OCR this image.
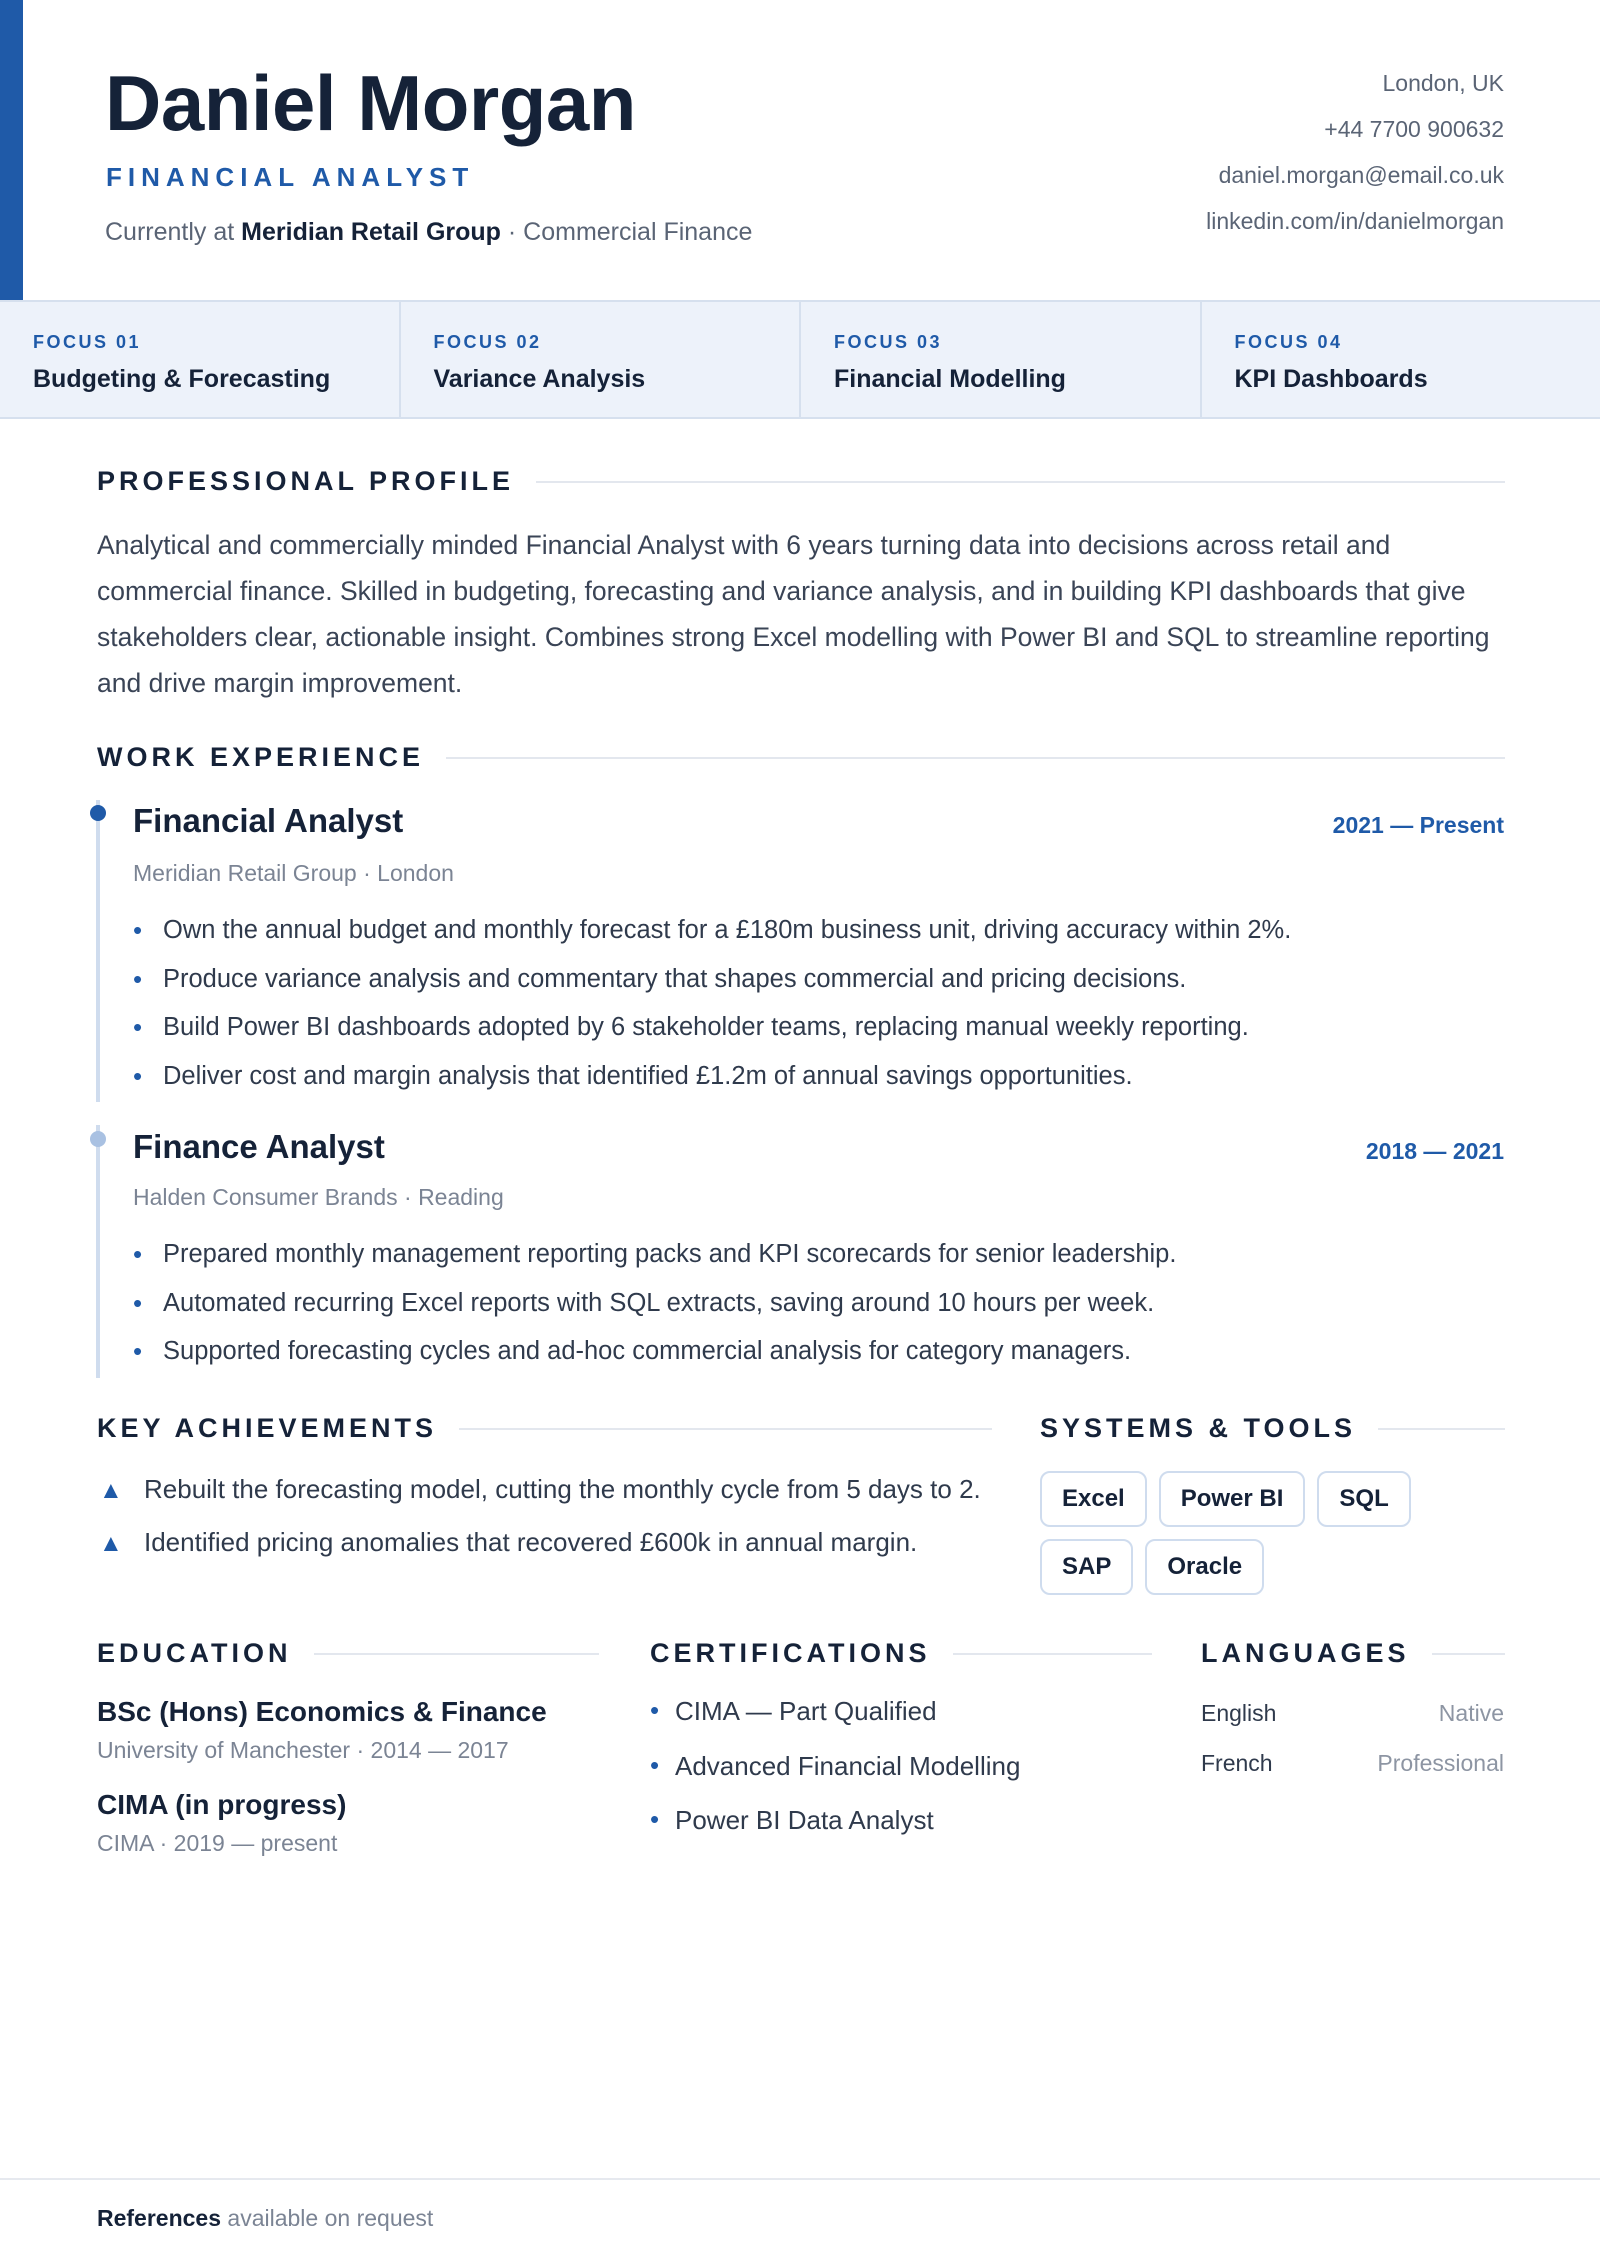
Daniel Morgan
FINANCIAL ANALYST
Currently at Meridian Retail Group · Commercial Finance
London, UK
+44 7700 900632
daniel.morgan@email.co.uk
linkedin.com/in/danielmorgan
FOCUS 01
Budgeting & Forecasting
FOCUS 02
Variance Analysis
FOCUS 03
Financial Modelling
FOCUS 04
KPI Dashboards
PROFESSIONAL PROFILE
Analytical and commercially minded Financial Analyst with 6 years turning data into decisions across retail and commercial finance. Skilled in budgeting, forecasting and variance analysis, and in building KPI dashboards that give stakeholders clear, actionable insight. Combines strong Excel modelling with Power BI and SQL to streamline reporting and drive margin improvement.
WORK EXPERIENCE
Financial Analyst	2021 — Present
Meridian Retail Group · London
• Own the annual budget and monthly forecast for a £180m business unit, driving accuracy within 2%.
• Produce variance analysis and commentary that shapes commercial and pricing decisions.
• Build Power BI dashboards adopted by 6 stakeholder teams, replacing manual weekly reporting.
• Deliver cost and margin analysis that identified £1.2m of annual savings opportunities.
Finance Analyst	2018 — 2021
Halden Consumer Brands · Reading
• Prepared monthly management reporting packs and KPI scorecards for senior leadership.
• Automated recurring Excel reports with SQL extracts, saving around 10 hours per week.
• Supported forecasting cycles and ad-hoc commercial analysis for category managers.
KEY ACHIEVEMENTS
▲ Rebuilt the forecasting model, cutting the monthly cycle from 5 days to 2.
▲ Identified pricing anomalies that recovered £600k in annual margin.
SYSTEMS & TOOLS
Excel	Power BI	SQL
SAP	Oracle
EDUCATION
BSc (Hons) Economics & Finance
University of Manchester · 2014 — 2017
CIMA (in progress)
CIMA · 2019 — present
CERTIFICATIONS
• CIMA — Part Qualified
• Advanced Financial Modelling
• Power BI Data Analyst
LANGUAGES
English	Native
French	Professional
References available on request
